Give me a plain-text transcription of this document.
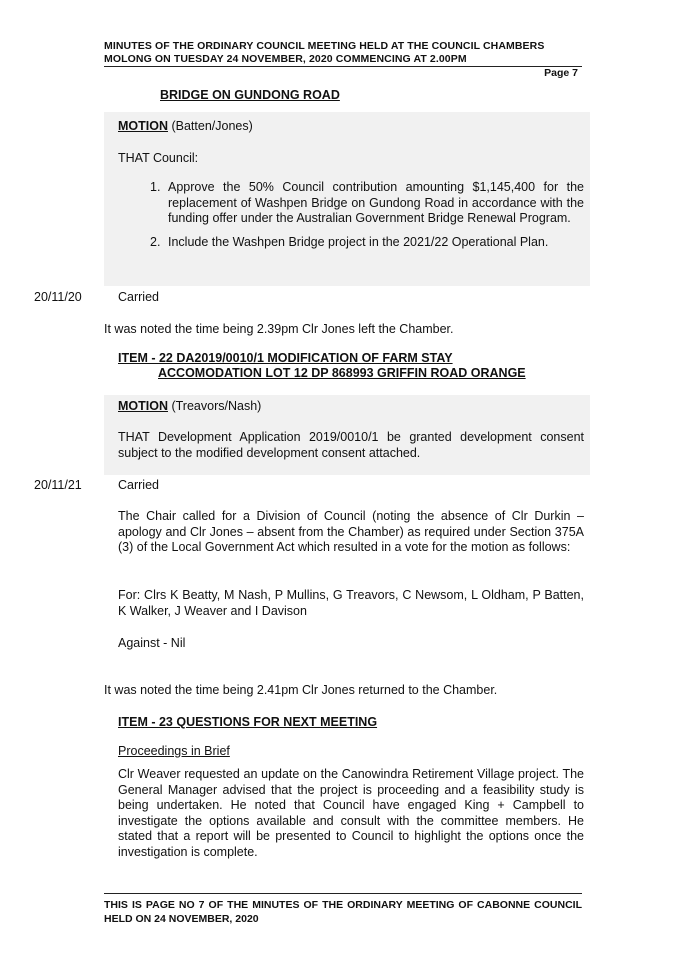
MINUTES OF THE ORDINARY COUNCIL MEETING HELD AT THE COUNCIL CHAMBERS
MOLONG ON TUESDAY 24 NOVEMBER, 2020 COMMENCING AT 2.00PM
Page 7
BRIDGE ON GUNDONG ROAD
MOTION (Batten/Jones)
THAT Council:
1. Approve the 50% Council contribution amounting $1,145,400 for the replacement of Washpen Bridge on Gundong Road in accordance with the funding offer under the Australian Government Bridge Renewal Program.
2. Include the Washpen Bridge project in the 2021/22 Operational Plan.
20/11/20	Carried
It was noted the time being 2.39pm Clr Jones left the Chamber.
ITEM - 22 DA2019/0010/1 MODIFICATION OF FARM STAY
ACCOMODATION LOT 12 DP 868993 GRIFFIN ROAD ORANGE
MOTION (Treavors/Nash)
THAT Development Application 2019/0010/1 be granted development consent subject to the modified development consent attached.
20/11/21	Carried
The Chair called for a Division of Council (noting the absence of Clr Durkin – apology and Clr Jones – absent from the Chamber) as required under Section 375A (3) of the Local Government Act which resulted in a vote for the motion as follows:
For: Clrs K Beatty, M Nash, P Mullins, G Treavors, C Newsom, L Oldham, P Batten, K Walker, J Weaver and I Davison
Against - Nil
It was noted the time being 2.41pm Clr Jones returned to the Chamber.
ITEM - 23 QUESTIONS FOR NEXT MEETING
Proceedings in Brief
Clr Weaver requested an update on the Canowindra Retirement Village project. The General Manager advised that the project is proceeding and a feasibility study is being undertaken. He noted that Council have engaged King + Campbell to investigate the options available and consult with the committee members. He stated that a report will be presented to Council to highlight the options once the investigation is complete.
THIS IS PAGE NO 7 OF THE MINUTES OF THE ORDINARY MEETING OF CABONNE COUNCIL HELD ON 24 NOVEMBER, 2020
